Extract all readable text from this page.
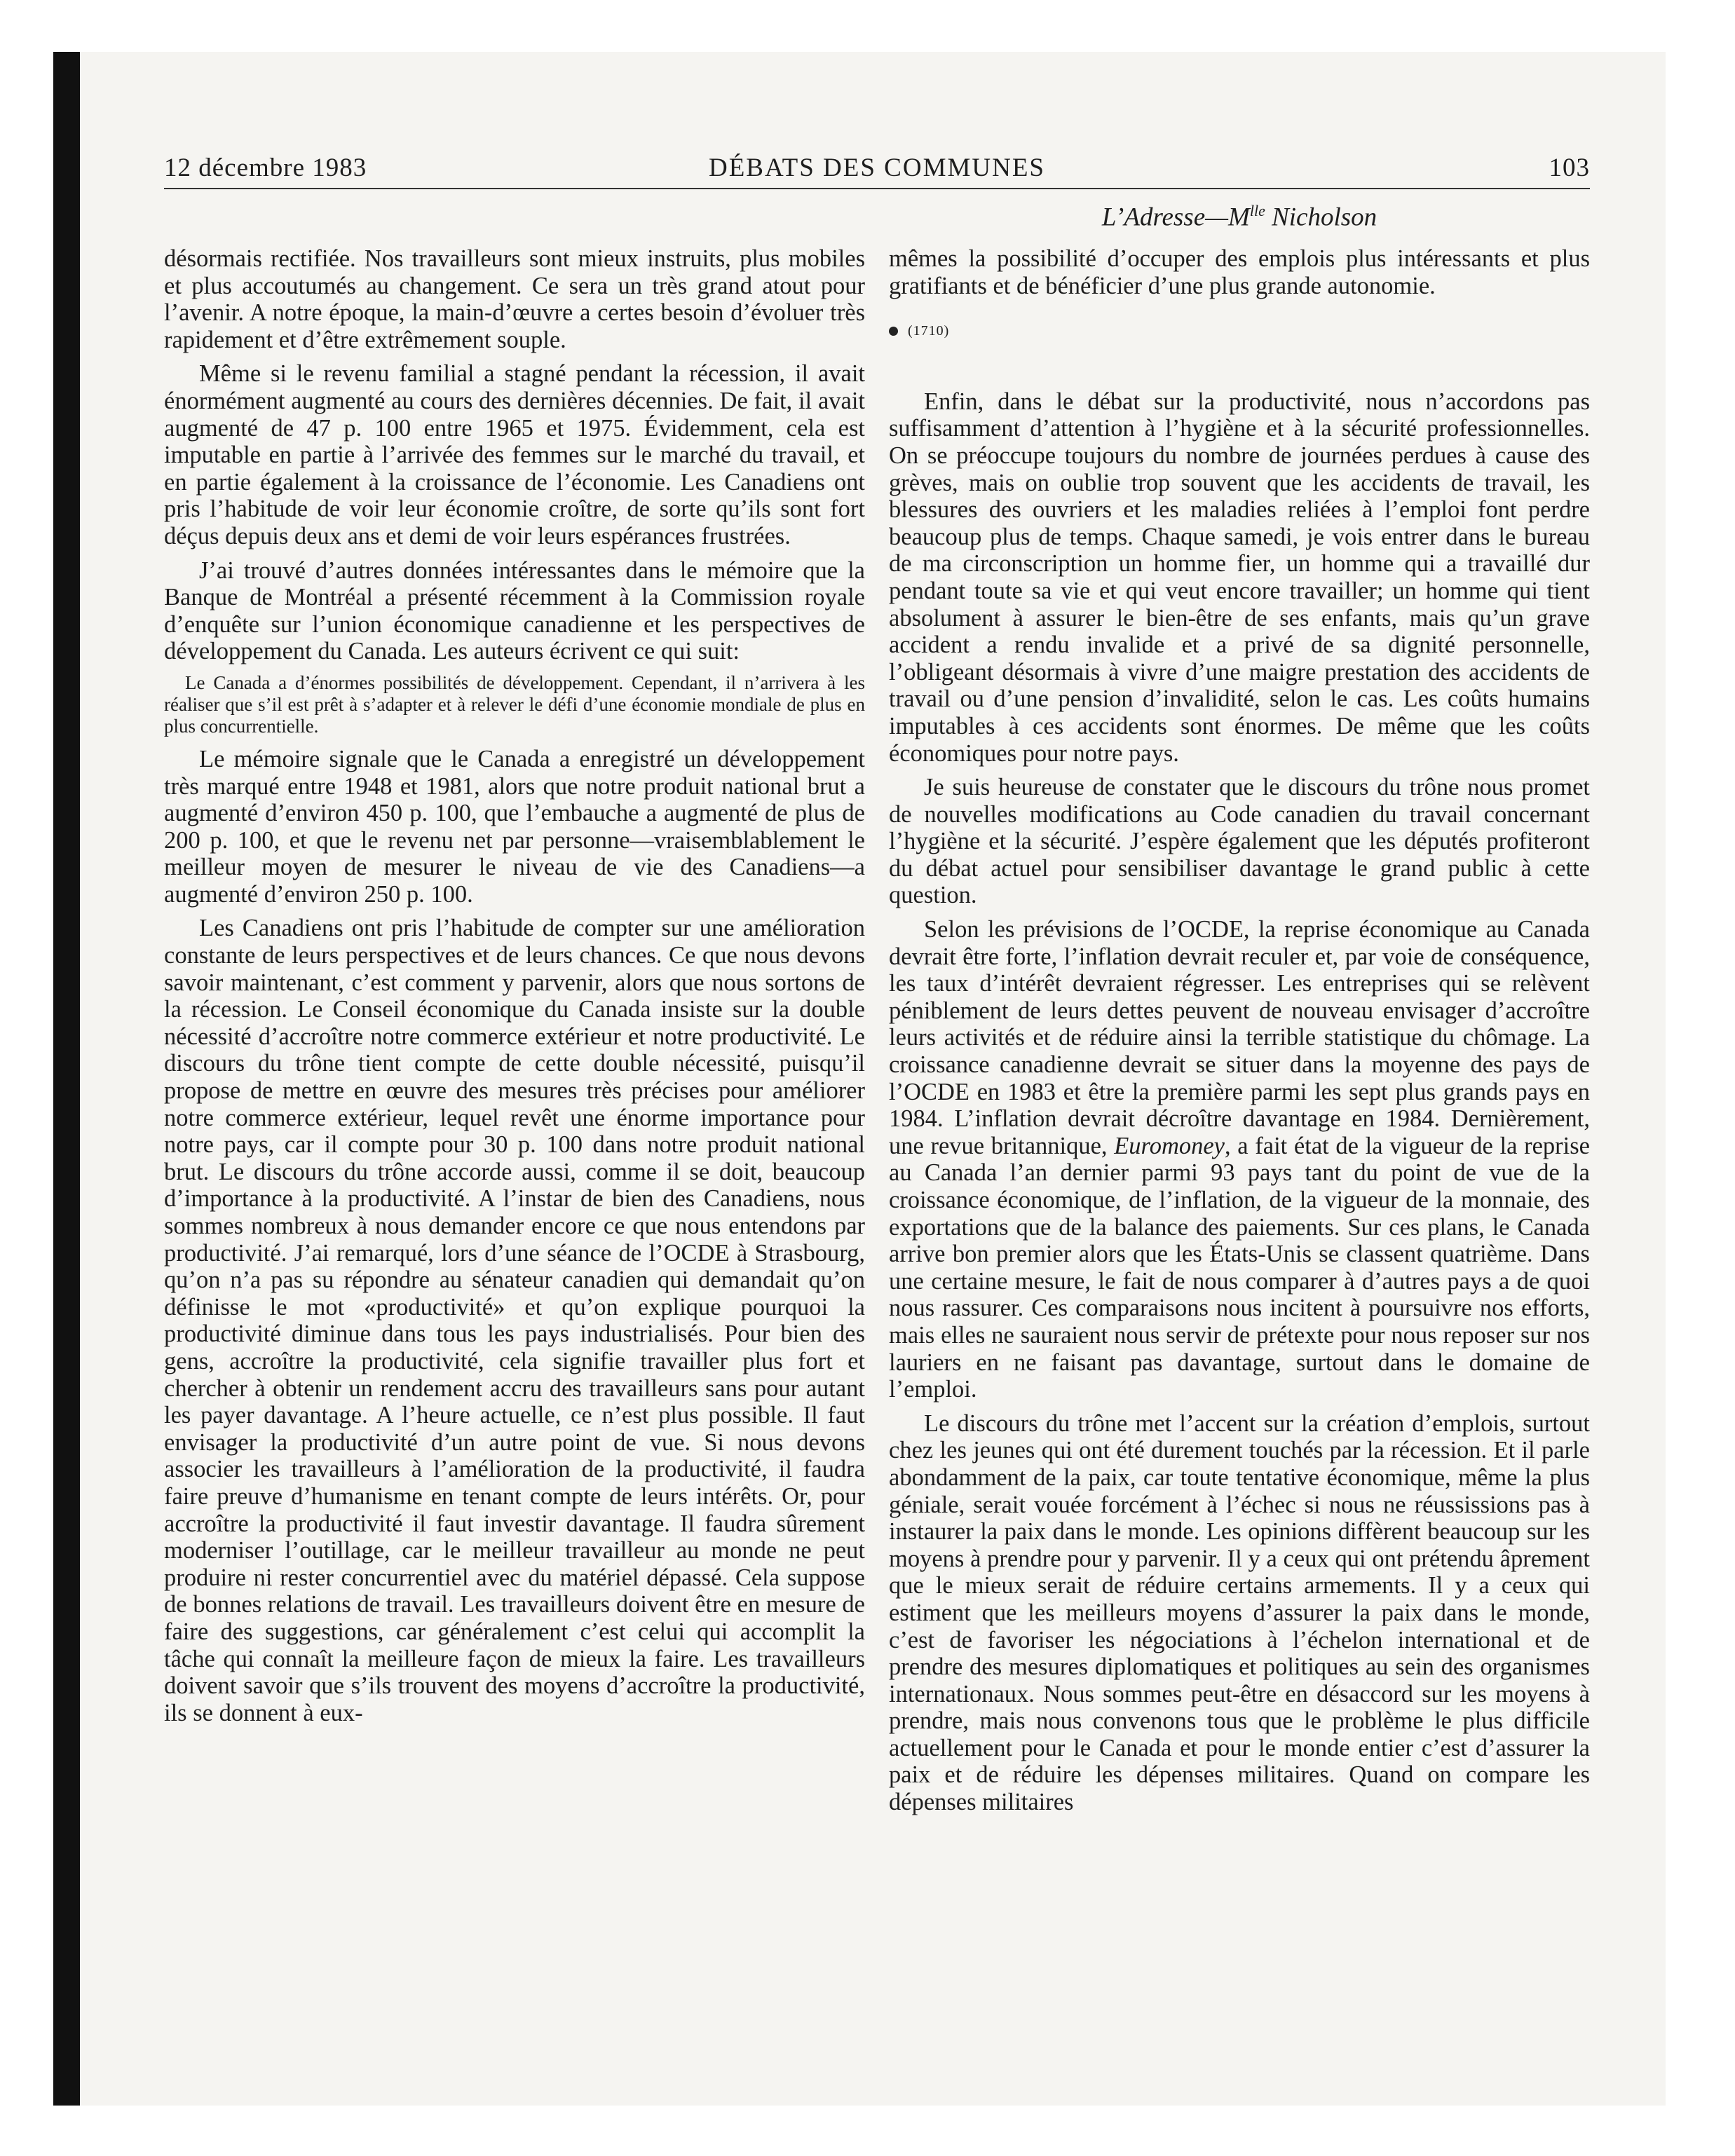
12 décembre 1983	DÉBATS DES COMMUNES	103
$L’Adresse—M^{lle}$ Nicholson

désormais rectifiée. Nos travailleurs sont mieux instruits, plus mobiles et plus accoutumés au changement. Ce sera un très grand atout pour l’avenir. A notre époque, la main-d’œuvre a certes besoin d’évoluer très rapidement et d’être extrêmement souple.

Même si le revenu familial a stagné pendant la récession, il avait énormément augmenté au cours des dernières décennies. De fait, il avait augmenté de 47 p. 100 entre 1965 et 1975. Évidemment, cela est imputable en partie à l’arrivée des femmes sur le marché du travail, et en partie également à la croissance de l’économie. Les Canadiens ont pris l’habitude de voir leur économie croître, de sorte qu’ils sont fort déçus depuis deux ans et demi de voir leurs espérances frustrées.

J’ai trouvé d’autres données intéressantes dans le mémoire que la Banque de Montréal a présenté récemment à la Commission royale d’enquête sur l’union économique canadienne et les perspectives de développement du Canada. Les auteurs écrivent ce qui suit:

Le Canada a d’énormes possibilités de développement. Cependant, il n’arrivera à les réaliser que s’il est prêt à s’adapter et à relever le défi d’une économie mondiale de plus en plus concurrentielle.

Le mémoire signale que le Canada a enregistré un développement très marqué entre 1948 et 1981, alors que notre produit national brut a augmenté d’environ 450 p. 100, que l’embauche a augmenté de plus de 200 p. 100, et que le revenu net par personne—vraisemblablement le meilleur moyen de mesurer le niveau de vie des Canadiens—a augmenté d’environ 250 p. 100.

Les Canadiens ont pris l’habitude de compter sur une amélioration constante de leurs perspectives et de leurs chances. Ce que nous devons savoir maintenant, c’est comment y parvenir, alors que nous sortons de la récession. Le Conseil économique du Canada insiste sur la double nécessité d’accroître notre commerce extérieur et notre productivité. Le discours du trône tient compte de cette double nécessité, puisqu’il propose de mettre en œuvre des mesures très précises pour améliorer notre commerce extérieur, lequel revêt une énorme importance pour notre pays, car il compte pour 30 p. 100 dans notre produit national brut. Le discours du trône accorde aussi, comme il se doit, beaucoup d’importance à la productivité. A l’instar de bien des Canadiens, nous sommes nombreux à nous demander encore ce que nous entendons par productivité. J’ai remarqué, lors d’une séance de l’OCDE à Strasbourg, qu’on n’a pas su répondre au sénateur canadien qui demandait qu’on définisse le mot «productivité» et qu’on explique pourquoi la productivité diminue dans tous les pays industrialisés. Pour bien des gens, accroître la productivité, cela signifie travailler plus fort et chercher à obtenir un rendement accru des travailleurs sans pour autant les payer davantage. A l’heure actuelle, ce n’est plus possible. Il faut envisager la productivité d’un autre point de vue. Si nous devons associer les travailleurs à l’amélioration de la productivité, il faudra faire preuve d’humanisme en tenant compte de leurs intérêts. Or, pour accroître la productivité il faut investir davantage. Il faudra sûrement moderniser l’outillage, car le meilleur travailleur au monde ne peut produire ni rester concurrentiel avec du matériel dépassé. Cela suppose de bonnes relations de travail. Les travailleurs doivent être en mesure de faire des suggestions, car généralement c’est celui qui accomplit la tâche qui connaît la meilleure façon de mieux la faire. Les travailleurs doivent savoir que s’ils trouvent des moyens d’accroître la productivité, ils se donnent à eux-

mêmes la possibilité d’occuper des emplois plus intéressants et plus gratifiants et de bénéficier d’une plus grande autonomie.

(1710)

Enfin, dans le débat sur la productivité, nous n’accordons pas suffisamment d’attention à l’hygiène et à la sécurité professionnelles. On se préoccupe toujours du nombre de journées perdues à cause des grèves, mais on oublie trop souvent que les accidents de travail, les blessures des ouvriers et les maladies reliées à l’emploi font perdre beaucoup plus de temps. Chaque samedi, je vois entrer dans le bureau de ma circonscription un homme fier, un homme qui a travaillé dur pendant toute sa vie et qui veut encore travailler; un homme qui tient absolument à assurer le bien-être de ses enfants, mais qu’un grave accident a rendu invalide et a privé de sa dignité personnelle, l’obligeant désormais à vivre d’une maigre prestation des accidents de travail ou d’une pension d’invalidité, selon le cas. Les coûts humains imputables à ces accidents sont énormes. De même que les coûts économiques pour notre pays.

Je suis heureuse de constater que le discours du trône nous promet de nouvelles modifications au Code canadien du travail concernant l’hygiène et la sécurité. J’espère également que les députés profiteront du débat actuel pour sensibiliser davantage le grand public à cette question.

Selon les prévisions de l’OCDE, la reprise économique au Canada devrait être forte, l’inflation devrait reculer et, par voie de conséquence, les taux d’intérêt devraient régresser. Les entreprises qui se relèvent péniblement de leurs dettes peuvent de nouveau envisager d’accroître leurs activités et de réduire ainsi la terrible statistique du chômage. La croissance canadienne devrait se situer dans la moyenne des pays de l’OCDE en 1983 et être la première parmi les sept plus grands pays en 1984. L’inflation devrait décroître davantage en 1984. Dernièrement, une revue britannique, Euromoney, a fait état de la vigueur de la reprise au Canada l’an dernier parmi 93 pays tant du point de vue de la croissance économique, de l’inflation, de la vigueur de la monnaie, des exportations que de la balance des paiements. Sur ces plans, le Canada arrive bon premier alors que les États-Unis se classent quatrième. Dans une certaine mesure, le fait de nous comparer à d’autres pays a de quoi nous rassurer. Ces comparaisons nous incitent à poursuivre nos efforts, mais elles ne sauraient nous servir de prétexte pour nous reposer sur nos lauriers en ne faisant pas davantage, surtout dans le domaine de l’emploi.

Le discours du trône met l’accent sur la création d’emplois, surtout chez les jeunes qui ont été durement touchés par la récession. Et il parle abondamment de la paix, car toute tentative économique, même la plus géniale, serait vouée forcément à l’échec si nous ne réussissions pas à instaurer la paix dans le monde. Les opinions diffèrent beaucoup sur les moyens à prendre pour y parvenir. Il y a ceux qui ont prétendu âprement que le mieux serait de réduire certains armements. Il y a ceux qui estiment que les meilleurs moyens d’assurer la paix dans le monde, c’est de favoriser les négociations à l’échelon international et de prendre des mesures diplomatiques et politiques au sein des organismes internationaux. Nous sommes peut-être en désaccord sur les moyens à prendre, mais nous convenons tous que le problème le plus difficile actuellement pour le Canada et pour le monde entier c’est d’assurer la paix et de réduire les dépenses militaires. Quand on compare les dépenses militaires
